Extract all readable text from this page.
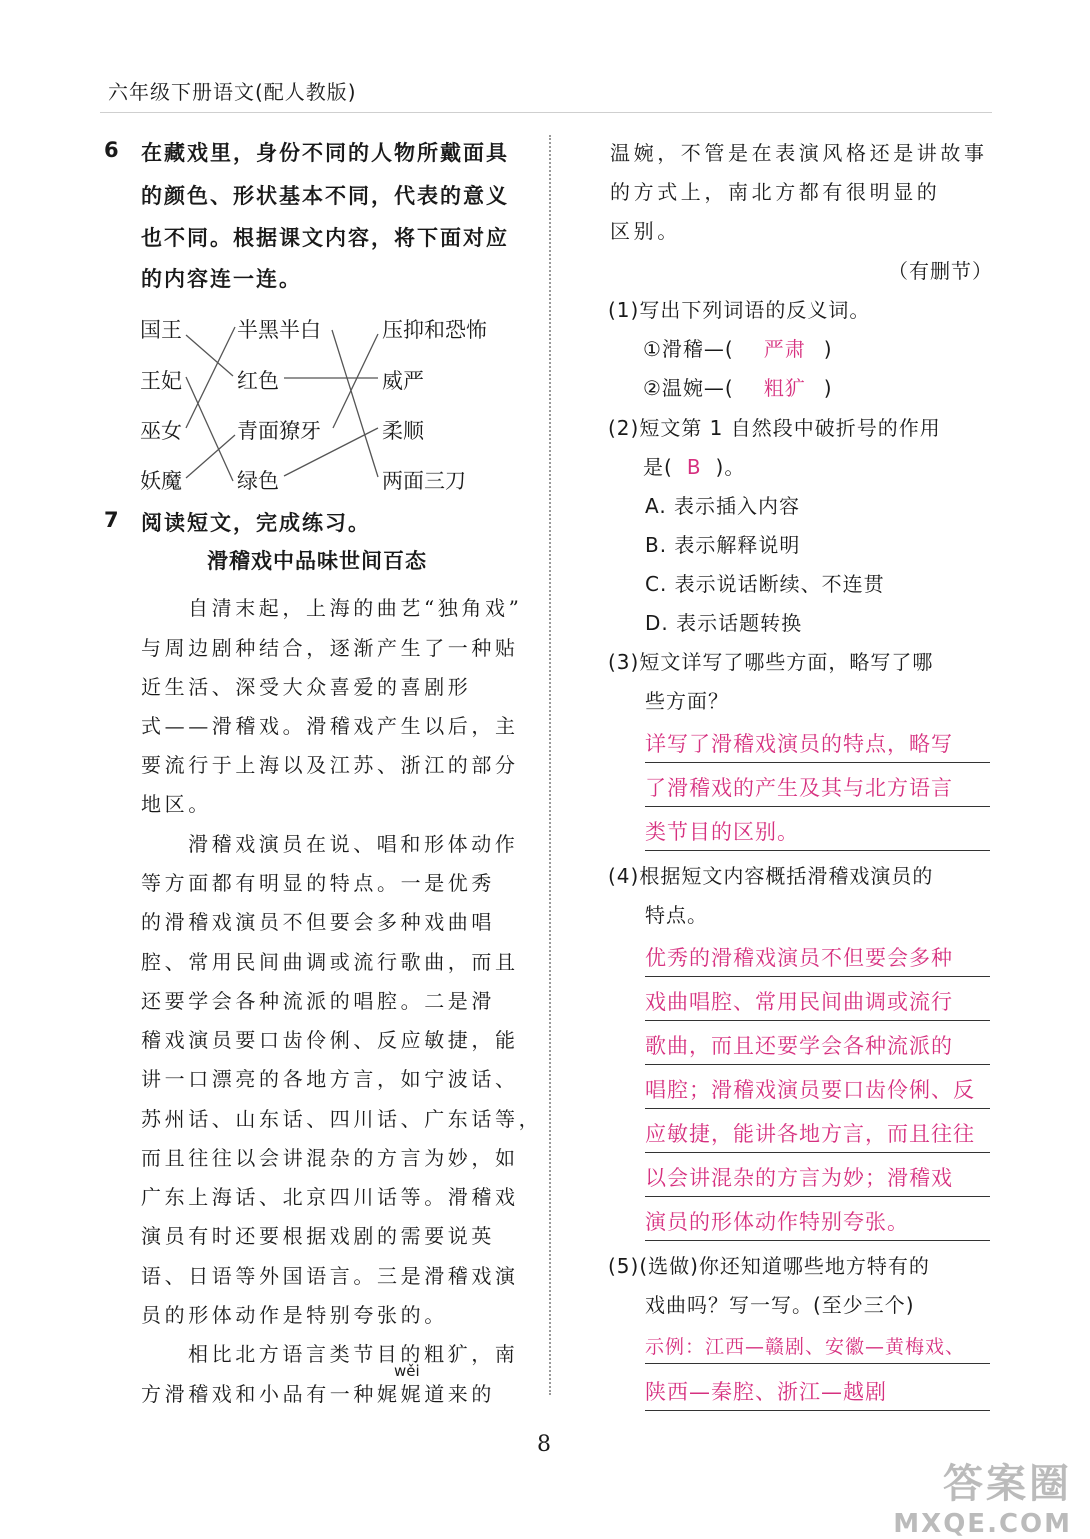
六年级下册语文(配人教版)
6 在藏戏里，身份不同的人物所戴面具
的颜色、形状基本不同，代表的意义
也不同。根据课文内容，将下面对应
的内容连一连。
国王
王妃
巫女
妖魔
半黑半白
红色
青面獠牙
绿色
压抑和恐怖
威严
柔顺
两面三刀
7 阅读短文，完成练习。
滑稽戏中品味世间百态
自清末起，上海的曲艺“独角戏”
与周边剧种结合，逐渐产生了一种贴
近生活、深受大众喜爱的喜剧形
式——滑稽戏。滑稽戏产生以后，主
要流行于上海以及江苏、浙江的部分
地区。
滑稽戏演员在说、唱和形体动作
等方面都有明显的特点。一是优秀
的滑稽戏演员不但要会多种戏曲唱
腔、常用民间曲调或流行歌曲，而且
还要学会各种流派的唱腔。二是滑
稽戏演员要口齿伶俐、反应敏捷，能
讲一口漂亮的各地方言，如宁波话、
苏州话、山东话、四川话、广东话等，
而且往往以会讲混杂的方言为妙，如
广东上海话、北京四川话等。滑稽戏
演员有时还要根据戏剧的需要说英
语、日语等外国语言。三是滑稽戏演
员的形体动作是特别夸张的。
相比北方语言类节目的粗犷，南
wěi
方滑稽戏和小品有一种娓娓道来的
温婉，不管是在表演风格还是讲故事
的方式上，南北方都有很明显的
区别。
（有删节）
(1)写出下列词语的反义词。
①滑稽—( 严肃 )
②温婉—( 粗犷 )
(2)短文第 1 自然段中破折号的作用
是( B )。
A. 表示插入内容
B. 表示解释说明
C. 表示说话断续、不连贯
D. 表示话题转换
(3)短文详写了哪些方面，略写了哪
些方面？
详写了滑稽戏演员的特点，略写
了滑稽戏的产生及其与北方语言
类节目的区别。
(4)根据短文内容概括滑稽戏演员的
特点。
优秀的滑稽戏演员不但要会多种
戏曲唱腔、常用民间曲调或流行
歌曲，而且还要学会各种流派的
唱腔；滑稽戏演员要口齿伶俐、反
应敏捷，能讲各地方言，而且往往
以会讲混杂的方言为妙；滑稽戏
演员的形体动作特别夸张。
(5)(选做)你还知道哪些地方特有的
戏曲吗？写一写。(至少三个)
示例：江西—赣剧、安徽—黄梅戏、
陕西—秦腔、浙江—越剧
8
答案圈
MXQE.COM
